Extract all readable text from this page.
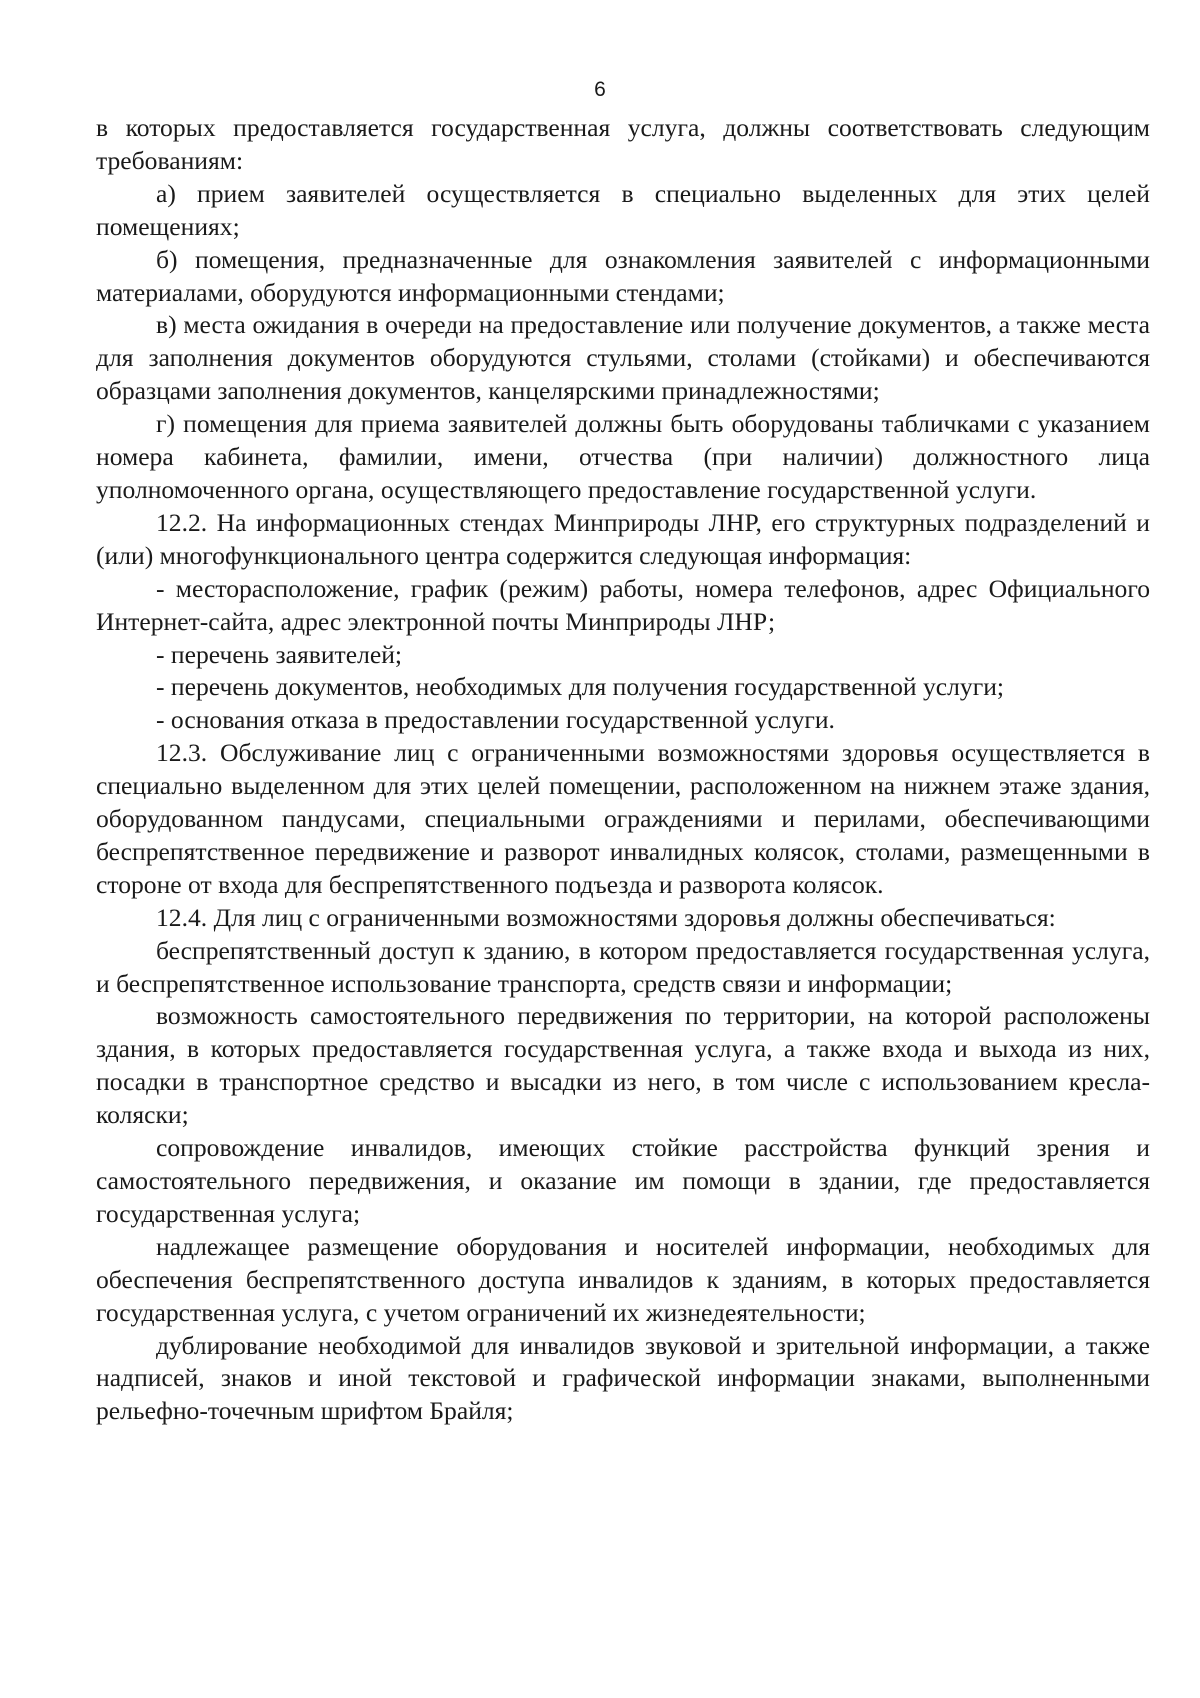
6

в которых предоставляется государственная услуга, должны соответствовать следующим требованиям:

а) прием заявителей осуществляется в специально выделенных для этих целей помещениях;

б) помещения, предназначенные для ознакомления заявителей с информационными материалами, оборудуются информационными стендами;

в) места ожидания в очереди на предоставление или получение документов, а также места для заполнения документов оборудуются стульями, столами (стойками) и обеспечиваются образцами заполнения документов, канцелярскими принадлежностями;

г) помещения для приема заявителей должны быть оборудованы табличками с указанием номера кабинета, фамилии, имени, отчества (при наличии) должностного лица уполномоченного органа, осуществляющего предоставление государственной услуги.

12.2. На информационных стендах Минприроды ЛНР, его структурных подразделений и (или) многофункционального центра содержится следующая информация:

- месторасположение, график (режим) работы, номера телефонов, адрес Официального Интернет-сайта, адрес электронной почты Минприроды ЛНР;

- перечень заявителей;

- перечень документов, необходимых для получения государственной услуги;

- основания отказа в предоставлении государственной услуги.

12.3. Обслуживание лиц с ограниченными возможностями здоровья осуществляется в специально выделенном для этих целей помещении, расположенном на нижнем этаже здания, оборудованном пандусами, специальными ограждениями и перилами, обеспечивающими беспрепятственное передвижение и разворот инвалидных колясок, столами, размещенными в стороне от входа для беспрепятственного подъезда и разворота колясок.

12.4. Для лиц с ограниченными возможностями здоровья должны обеспечиваться:

беспрепятственный доступ к зданию, в котором предоставляется государственная услуга, и беспрепятственное использование транспорта, средств связи и информации;

возможность самостоятельного передвижения по территории, на которой расположены здания, в которых предоставляется государственная услуга, а также входа и выхода из них, посадки в транспортное средство и высадки из него, в том числе с использованием кресла-коляски;

сопровождение инвалидов, имеющих стойкие расстройства функций зрения и самостоятельного передвижения, и оказание им помощи в здании, где предоставляется государственная услуга;

надлежащее размещение оборудования и носителей информации, необходимых для обеспечения беспрепятственного доступа инвалидов к зданиям, в которых предоставляется государственная услуга, с учетом ограничений их жизнедеятельности;

дублирование необходимой для инвалидов звуковой и зрительной информации, а также надписей, знаков и иной текстовой и графической информации знаками, выполненными рельефно-точечным шрифтом Брайля;
